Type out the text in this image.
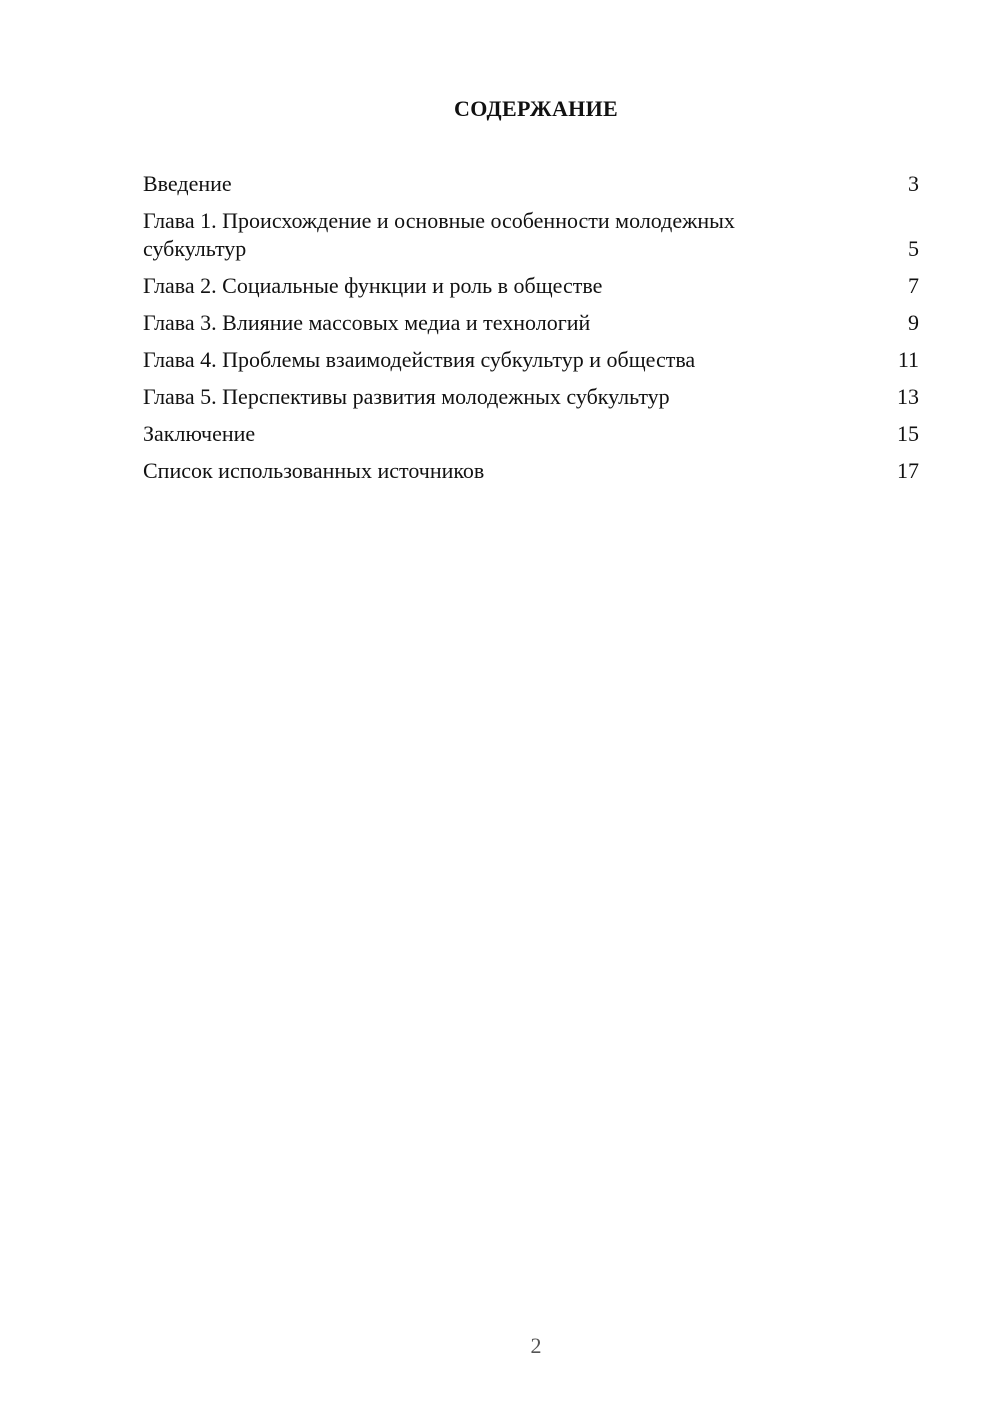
СОДЕРЖАНИЕ
Введение	3
Глава 1. Происхождение и основные особенности молодежных субкультур	5
Глава 2. Социальные функции и роль в обществе	7
Глава 3. Влияние массовых медиа и технологий	9
Глава 4. Проблемы взаимодействия субкультур и общества	11
Глава 5. Перспективы развития молодежных субкультур	13
Заключение	15
Список использованных источников	17
2
